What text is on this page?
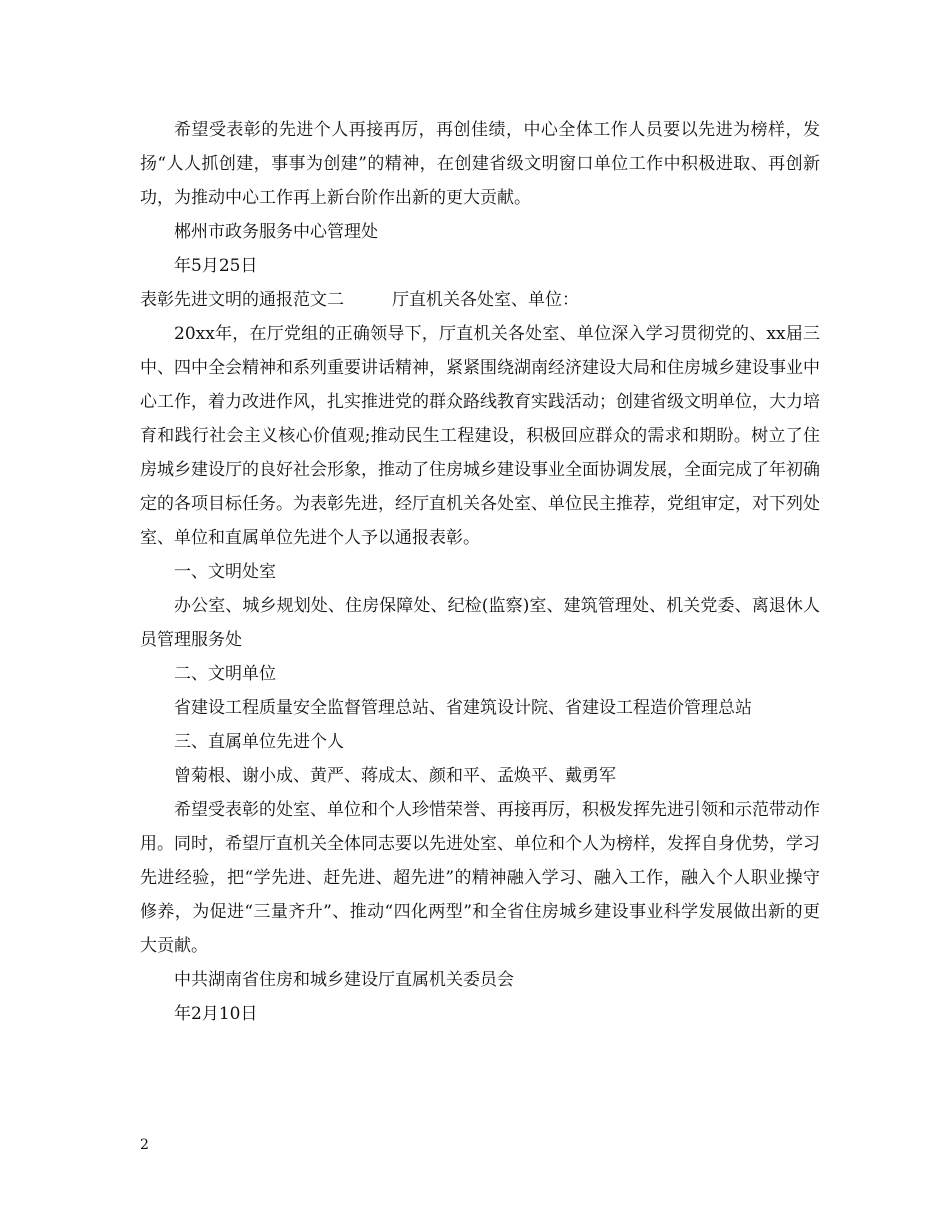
希望受表彰的先进个人再接再厉，再创佳绩，中心全体工作人员要以先进为榜样，发扬“人人抓创建，事事为创建”的精神，在创建省级文明窗口单位工作中积极进取、再创新功，为推动中心工作再上新台阶作出新的更大贡献。

郴州市政务服务中心管理处

年5月25日

表彰先进文明的通报范文二	厅直机关各处室、单位：

20xx年，在厅党组的正确领导下，厅直机关各处室、单位深入学习贯彻党的、xx届三中、四中全会精神和系列重要讲话精神，紧紧围绕湖南经济建设大局和住房城乡建设事业中心工作，着力改进作风，扎实推进党的群众路线教育实践活动；创建省级文明单位，大力培育和践行社会主义核心价值观;推动民生工程建设，积极回应群众的需求和期盼。树立了住房城乡建设厅的良好社会形象，推动了住房城乡建设事业全面协调发展，全面完成了年初确定的各项目标任务。为表彰先进，经厅直机关各处室、单位民主推荐，党组审定，对下列处室、单位和直属单位先进个人予以通报表彰。

一、文明处室

办公室、城乡规划处、住房保障处、纪检(监察)室、建筑管理处、机关党委、离退休人员管理服务处

二、文明单位

省建设工程质量安全监督管理总站、省建筑设计院、省建设工程造价管理总站

三、直属单位先进个人

曾菊根、谢小成、黄严、蒋成太、颜和平、孟焕平、戴勇军

希望受表彰的处室、单位和个人珍惜荣誉、再接再厉，积极发挥先进引领和示范带动作用。同时，希望厅直机关全体同志要以先进处室、单位和个人为榜样，发挥自身优势，学习先进经验，把“学先进、赶先进、超先进”的精神融入学习、融入工作，融入个人职业操守修养，为促进“三量齐升”、推动“四化两型”和全省住房城乡建设事业科学发展做出新的更大贡献。

中共湖南省住房和城乡建设厅直属机关委员会

年2月10日

2
